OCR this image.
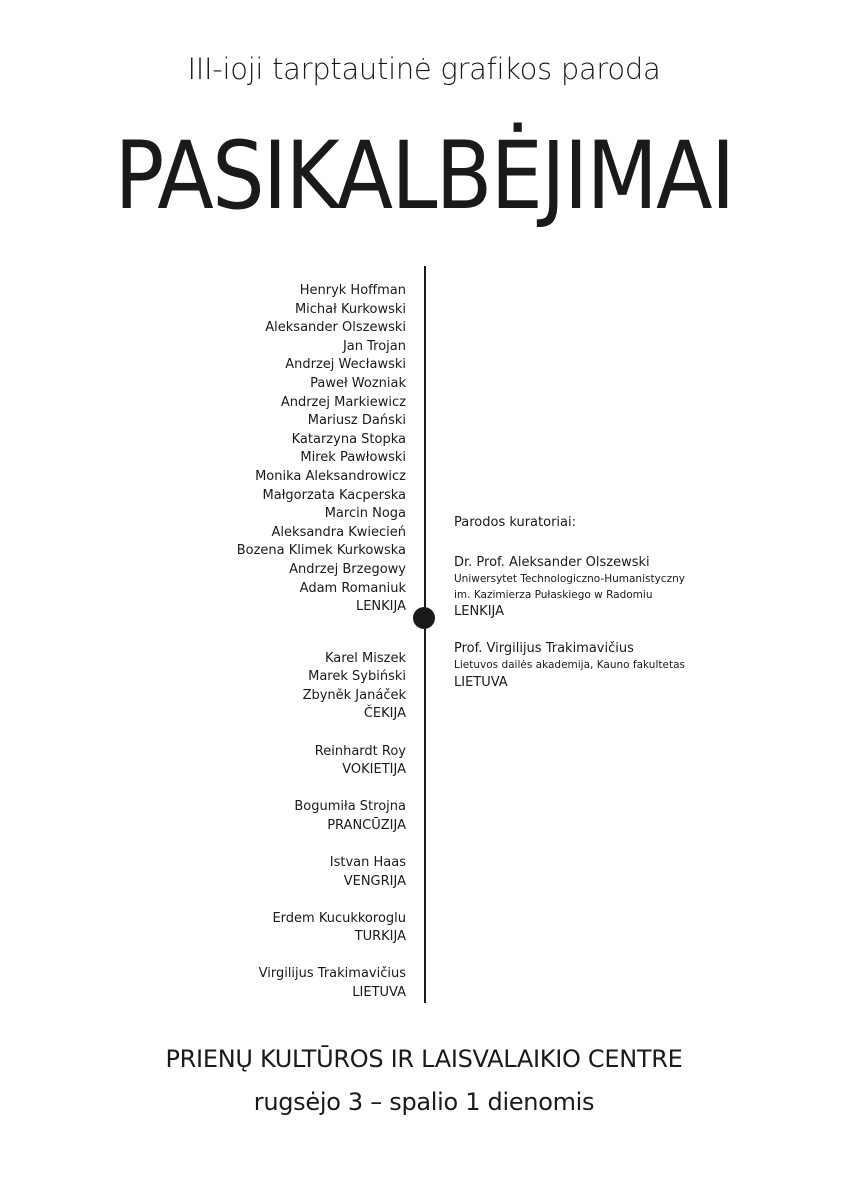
III-ioji tarptautinė grafikos paroda
PASIKALBĖJIMAI
Henryk Hoffman
Michał Kurkowski
Aleksander Olszewski
Jan Trojan
Andrzej Wecławski
Paweł Wozniak
Andrzej Markiewicz
Mariusz Dański
Katarzyna Stopka
Mirek Pawłowski
Monika Aleksandrowicz
Małgorzata Kacperska
Marcin Noga
Aleksandra Kwiecień
Bozena Klimek Kurkowska
Andrzej Brzegowy
Adam Romaniuk
LENKIJA
Karel Miszek
Marek Sybiński
Zbyněk Janáček
ČEKIJA
Reinhardt Roy
VOKIETIJA
Bogumiła Strojna
PRANCŪZIJA
Istvan Haas
VENGRIJA
Erdem Kucukkoroglu
TURKIJA
Virgilijus Trakimavičius
LIETUVA
Parodos kuratoriai:
Dr. Prof. Aleksander Olszewski
Uniwersytet Technologiczno-Humanistyczny
im. Kazimierza Pułaskiego w Radomiu
LENKIJA
Prof. Virgilijus Trakimavičius
Lietuvos dailės akademija, Kauno fakultetas
LIETUVA
PRIENŲ KULTŪROS IR LAISVALAIKIO CENTRE
rugsėjo 3 – spalio 1 dienomis
